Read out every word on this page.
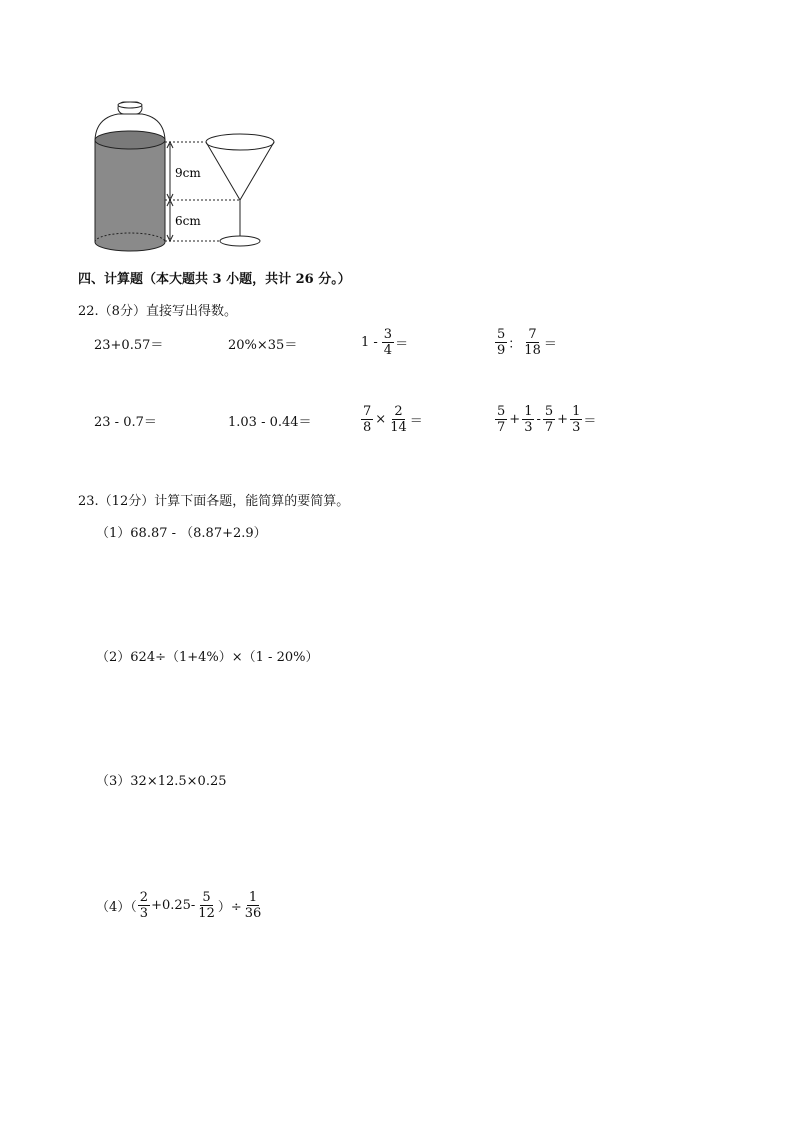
9cm
6cm
四、计算题（本大题共 3 小题，共计 26 分。）
22.（8分）直接写出得数。
23+0.57＝	20%×35＝	$1 - \frac{3}{4}$ ＝	$\frac{5}{9}$ ： $\frac{7}{18}$ ＝
23 - 0.7＝	1.03 - 0.44＝	$\frac{7}{8} \times \frac{2}{14}$ ＝	$\frac{5}{7} + \frac{1}{3} - \frac{5}{7} + \frac{1}{3}$ ＝
23.（12分）计算下面各题，能简算的要简算。
（1）68.87 - （8.87+2.9）
（2）624÷（1+4%）×（1 - 20%）
（3）32×12.5×0.25
$(4)( \frac{2}{3} +0.25- \frac{5}{12}$ ）÷ $\frac{1}{36}$
